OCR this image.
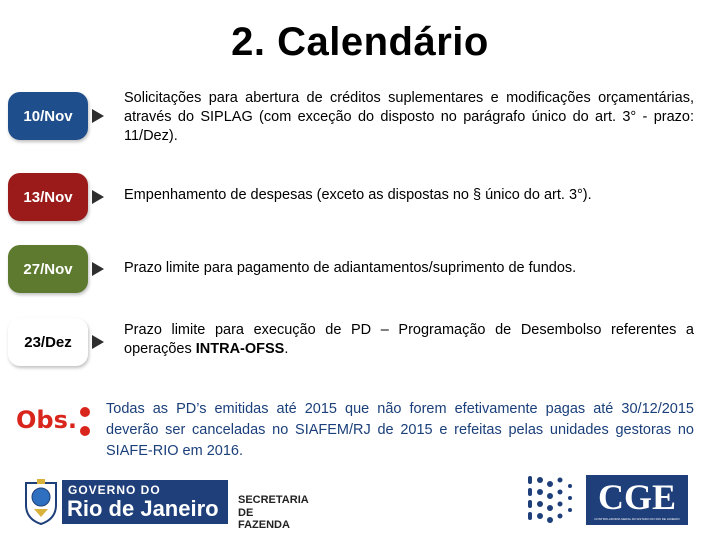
2. Calendário
10/Nov
Solicitações para abertura de créditos suplementares e modificações orçamentárias, através do SIPLAG (com exceção do disposto no parágrafo único do art. 3° - prazo: 11/Dez).
13/Nov	Empenhamento de despesas (exceto as dispostas no § único do art. 3°).
27/Nov	Prazo limite para pagamento de adiantamentos/suprimento de fundos.
23/Dez
Prazo limite para execução de PD – Programação de Desembolso referentes a operações INTRA-OFSS.
Obs. Todas as PD’s emitidas até 2015 que não forem efetivamente pagas até 30/12/2015 deverão ser canceladas no SIAFEM/RJ de 2015 e refeitas pelas unidades gestoras no SIAFE-RIO em 2016.
GOVERNO DO
Rio de Janeiro SECRETARIA
DE FAZENDA
CGE
CONTROLADORIA GERAL DO ESTADO DO RIO DE JANEIRO
